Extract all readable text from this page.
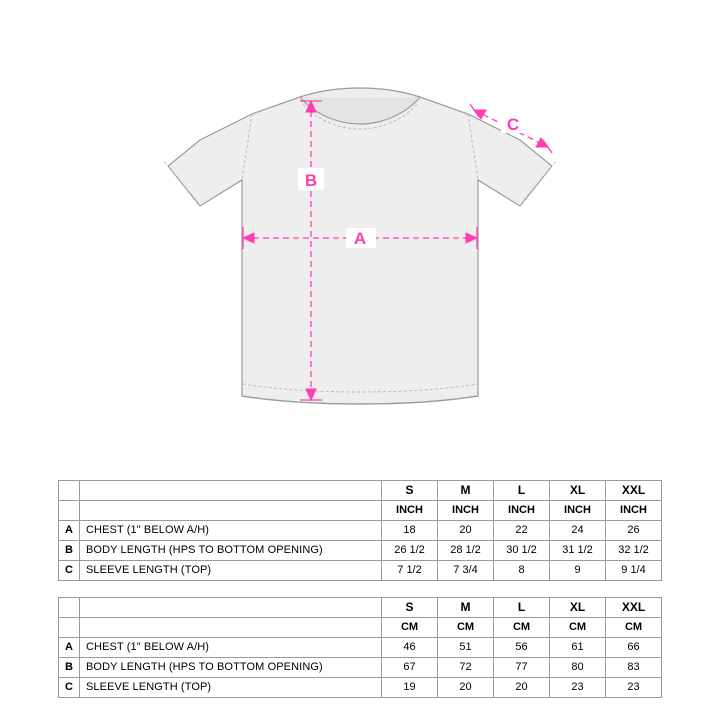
A
B
C
		S	M	L	XL	XXL
		INCH	INCH	INCH	INCH	INCH
A	CHEST (1" BELOW A/H)	18	20	22	24	26
B	BODY LENGTH (HPS TO BOTTOM OPENING)	26 1/2	28 1/2	30 1/2	31 1/2	32 1/2
C	SLEEVE LENGTH (TOP)	7 1/2	7 3/4	8	9	9 1/4
		S	M	L	XL	XXL
		CM	CM	CM	CM	CM
A	CHEST (1" BELOW A/H)	46	51	56	61	66
B	BODY LENGTH (HPS TO BOTTOM OPENING)	67	72	77	80	83
C	SLEEVE LENGTH (TOP)	19	20	20	23	23
